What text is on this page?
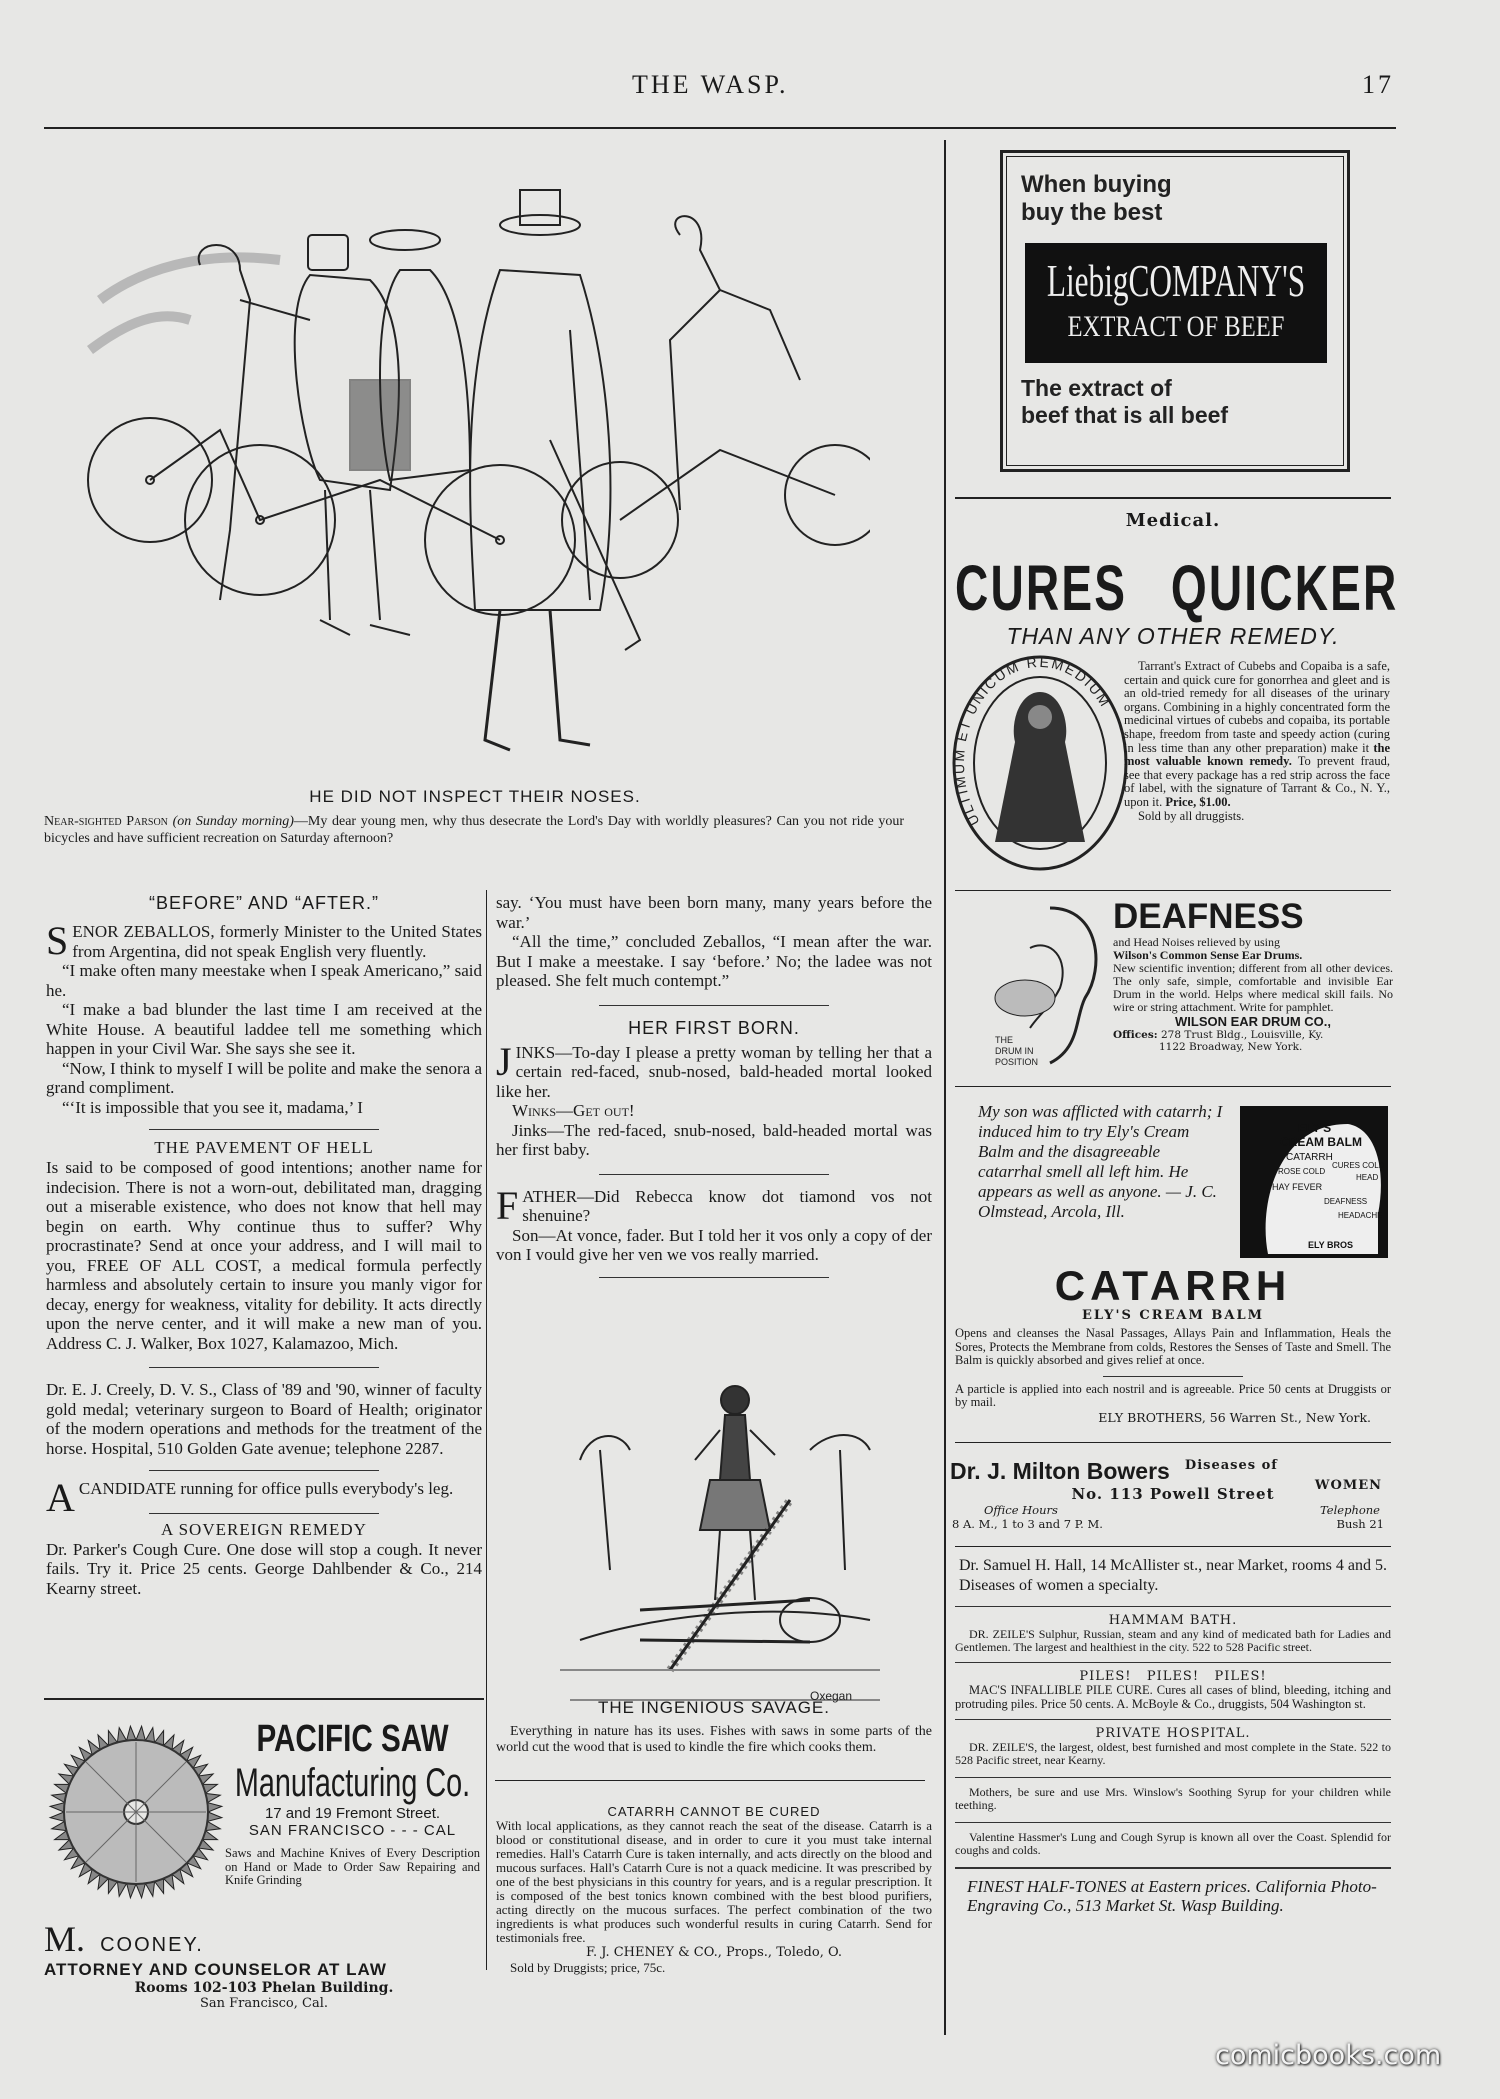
THE WASP.	17
HE DID NOT INSPECT THEIR NOSES.
Near-sighted Parson (on Sunday morning)—My dear young men, why thus desecrate the Lord's Day with worldly pleasures? Can you not ride your bicycles and have sufficient recreation on Saturday afternoon?
“BEFORE” AND “AFTER.”

SENOR ZEBALLOS, formerly Minister to the United States from Argentina, did not speak English very fluently.

“I make often many meestake when I speak Americano,” said he.

“I make a bad blunder the last time I am received at the White House. A beautiful laddee tell me something which happen in your Civil War. She says she see it.

“Now, I think to myself I will be polite and make the senora a grand compliment.

“‘It is impossible that you see it, madama,’ I

THE PAVEMENT OF HELL

Is said to be composed of good intentions; another name for indecision. There is not a worn-out, debilitated man, dragging out a miserable existence, who does not know that hell may begin on earth. Why continue thus to suffer? Why procrastinate? Send at once your address, and I will mail to you, FREE OF ALL COST, a medical formula perfectly harmless and absolutely certain to insure you manly vigor for decay, energy for weakness, vitality for debility. It acts directly upon the nerve center, and it will make a new man of you. Address C. J. Walker, Box 1027, Kalamazoo, Mich.

Dr. E. J. Creely, D. V. S., Class of '89 and '90, winner of faculty gold medal; veterinary surgeon to Board of Health; originator of the modern operations and methods for the treatment of the horse. Hospital, 510 Golden Gate avenue; telephone 2287.

ACANDIDATE running for office pulls everybody's leg.

A SOVEREIGN REMEDY

Dr. Parker's Cough Cure. One dose will stop a cough. It never fails. Try it. Price 25 cents. George Dahlbender & Co., 214 Kearny street.

PACIFIC SAW
Manufacturing Co.
17 and 19 Fremont Street.
SAN FRANCISCO - - - CAL
Saws and Machine Knives of Every Description on Hand or Made to Order Saw Repairing and Knife Grinding
M. COONEY.
ATTORNEY AND COUNSELOR AT LAW
Rooms 102-103 Phelan Building.
San Francisco, Cal.

say. ‘You must have been born many, many years before the war.’

“All the time,” concluded Zeballos, “I mean after the war. But I make a meestake. I say ‘before.’ No; the ladee was not pleased. She felt much contempt.”

HER FIRST BORN.

JINKS—To-day I please a pretty woman by telling her that a certain red-faced, snub-nosed, bald-headed mortal looked like her.

Winks—Get out!

Jinks—The red-faced, snub-nosed, bald-headed mortal was her first baby.

FATHER—Did Rebecca know dot tiamond vos not shenuine?

Son—At vonce, fader. But I told her it vos only a copy of der von I vould give her ven we vos really married.

Oxegan
THE INGENIOUS SAVAGE.

Everything in nature has its uses. Fishes with saws in some parts of the world cut the wood that is used to kindle the fire which cooks them.

CATARRH CANNOT BE CURED

With local applications, as they cannot reach the seat of the disease. Catarrh is a blood or constitutional disease, and in order to cure it you must take internal remedies. Hall's Catarrh Cure is taken internally, and acts directly on the blood and mucous surfaces. Hall's Catarrh Cure is not a quack medicine. It was prescribed by one of the best physicians in this country for years, and is a regular prescription. It is composed of the best tonics known combined with the best blood purifiers, acting directly on the mucous surfaces. The perfect combination of the two ingredients is what produces such wonderful results in curing Catarrh. Send for testimonials free.

F. J. CHENEY & CO., Props., Toledo, O.

Sold by Druggists; price, 75c.

When buying
buy the best
LiebigCOMPANY'S
EXTRACT OF BEEF
The extract of
beef that is all beef
Medical.
CURES QUICKER
THAN ANY OTHER REMEDY.
ULTIMUM ET UNICUM REMEDIUM

Tarrant's Extract of Cubebs and Copaiba is a safe, certain and quick cure for gonorrhea and gleet and is an old-tried remedy for all diseases of the urinary organs. Combining in a highly concentrated form the medicinal virtues of cubebs and copaiba, its portable shape, freedom from taste and speedy action (curing in less time than any other preparation) make it the most valuable known remedy. To prevent fraud, see that every package has a red strip across the face of label, with the signature of Tarrant & Co., N. Y., upon it. Price, $1.00.

Sold by all druggists.

THE
DRUM IN
POSITION
DEAFNESS

and Head Noises relieved by using

Wilson's Common Sense Ear Drums.

New scientific invention; different from all other devices. The only safe, simple, comfortable and invisible Ear Drum in the world. Helps where medical skill fails. No wire or string attachment. Write for pamphlet.

WILSON EAR DRUM CO.,
Offices: 278 Trust Bldg., Louisville, Ky.
1122 Broadway, New York.
My son was afflicted with catarrh; I induced him to try Ely's Cream Balm and the disagreeable catarrhal smell all left him. He appears as well as anyone. — J. C. Olmstead, Arcola, Ill.
ELY'S
CREAM BALM
CATARRH
CURES COLD
ROSE COLD
HEAD
HAY FEVER
DEAFNESS
HEADACHE
ELY BROS
CATARRH
ELY'S CREAM BALM

Opens and cleanses the Nasal Passages, Allays Pain and Inflammation, Heals the Sores, Protects the Membrane from colds, Restores the Senses of Taste and Smell. The Balm is quickly absorbed and gives relief at once.

A particle is applied into each nostril and is agreeable. Price 50 cents at Druggists or by mail.

ELY BROTHERS, 56 Warren St., New York.
Dr. J. Milton Bowers $^{Diseases of}$
WOMEN
No. 113 Powell Street
Office Hours
8 A. M., 1 to 3 and 7 P. M.
Telephone
Bush 21
Dr. Samuel H. Hall, 14 McAllister st., near Market, rooms 4 and 5. Diseases of women a specialty.
HAMMAM BATH.

DR. ZEILE'S Sulphur, Russian, steam and any kind of medicated bath for Ladies and Gentlemen. The largest and healthiest in the city. 522 to 528 Pacific street.

PILES!   PILES!   PILES!

MAC'S INFALLIBLE PILE CURE. Cures all cases of blind, bleeding, itching and protruding piles. Price 50 cents. A. McBoyle & Co., druggists, 504 Washington st.

PRIVATE HOSPITAL.

DR. ZEILE'S, the largest, oldest, best furnished and most complete in the State. 522 to 528 Pacific street, near Kearny.

Mothers, be sure and use Mrs. Winslow's Soothing Syrup for your children while teething.

Valentine Hassmer's Lung and Cough Syrup is known all over the Coast. Splendid for coughs and colds.

FINEST HALF-TONES at Eastern prices. California Photo-Engraving Co., 513 Market St. Wasp Building.
comicbooks.com
